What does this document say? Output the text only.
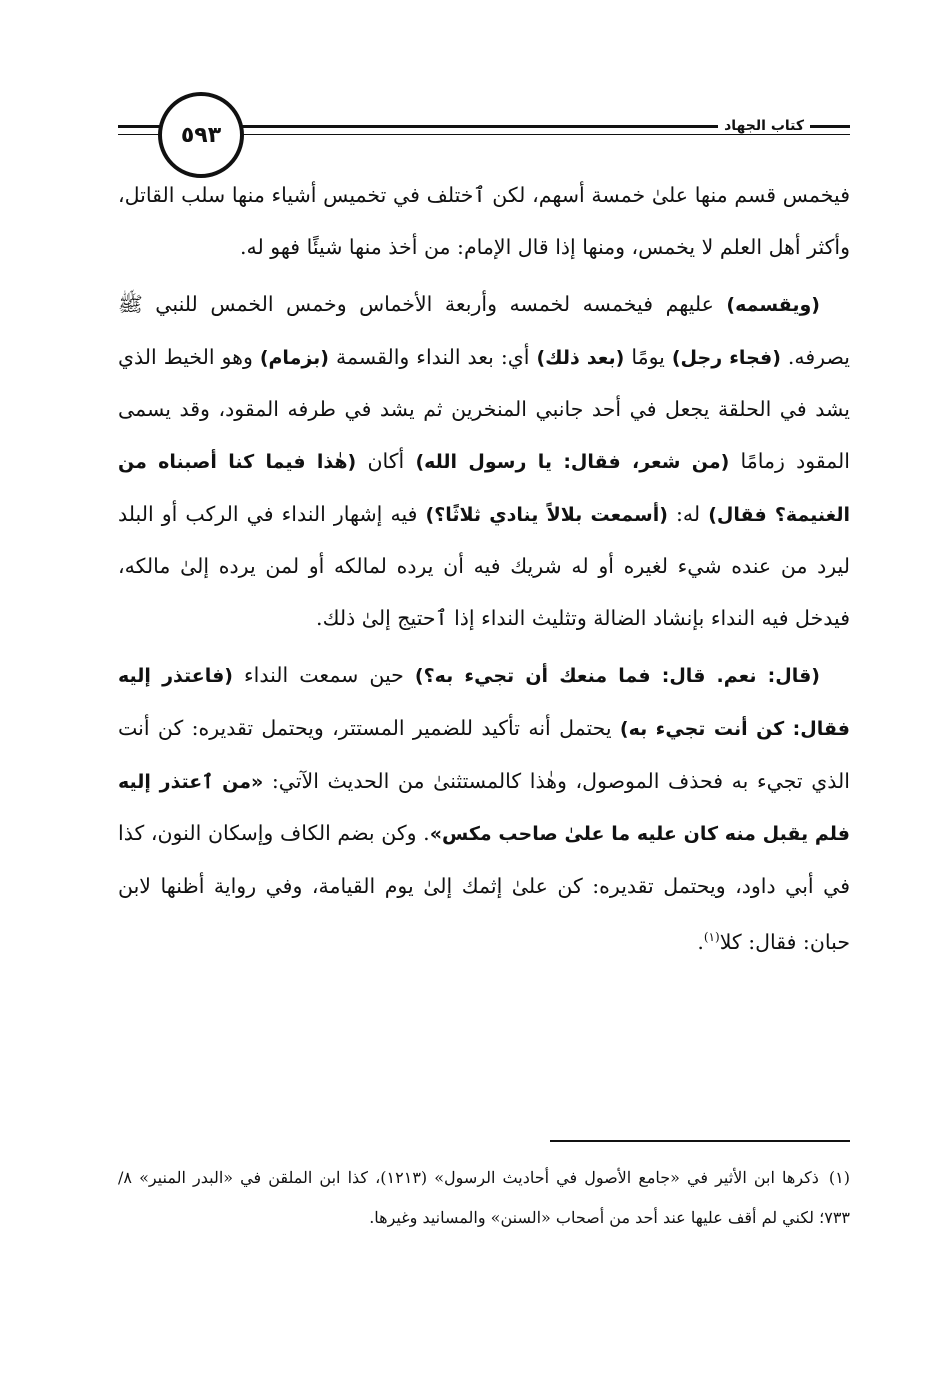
كتاب الجهاد
٥٩٣

فيخمس قسم منها علىٰ خمسة أسهم، لكن ٱختلف في تخميس أشياء منها سلب القاتل، وأكثر أهل العلم لا يخمس، ومنها إذا قال الإمام: من أخذ منها شيئًا فهو له.

(ويقسمه) عليهم فيخمسه لخمسه وأربعة الأخماس وخمس الخمس للنبي ﷺ يصرفه. (فجاء رجل) يومًا (بعد ذلك) أي: بعد النداء والقسمة (بزمام) وهو الخيط الذي يشد في الحلقة يجعل في أحد جانبي المنخرين ثم يشد في طرفه المقود، وقد يسمى المقود زمامًا (من شعر، فقال: يا رسول الله) أكان (هٰذا فيما كنا أصبناه من الغنيمة؟ فقال) له: (أسمعت بلالاً ينادي ثلاثًا؟) فيه إشهار النداء في الركب أو البلد ليرد من عنده شيء لغيره أو له شريك فيه أن يرده لمالكه أو لمن يرده إلىٰ مالكه، فيدخل فيه النداء بإنشاد الضالة وتثليث النداء إذا ٱحتيج إلىٰ ذلك.

(قال: نعم. قال: فما منعك أن تجيء به؟) حين سمعت النداء (فاعتذر إليه فقال: كن أنت تجيء به) يحتمل أنه تأكيد للضمير المستتر، ويحتمل تقديره: كن أنت الذي تجيء به فحذف الموصول، وهٰذا كالمستثنىٰ من الحديث الآتي: «من ٱعتذر إليه فلم يقبل منه كان عليه ما علىٰ صاحب مكس». وكن بضم الكاف وإسكان النون، كذا في أبي داود، ويحتمل تقديره: كن علىٰ إثمك إلىٰ يوم القيامة، وفي رواية أظنها لابن حبان: فقال: كلا$^{(١)}$.

(١)ذكرها ابن الأثير في «جامع الأصول في أحاديث الرسول» (١٢١٣)، كذا ابن الملقن في «البدر المنير» ٨/ ٧٣٣؛ لكني لم أقف عليها عند أحد من أصحاب «السنن» والمسانيد وغيرها.
